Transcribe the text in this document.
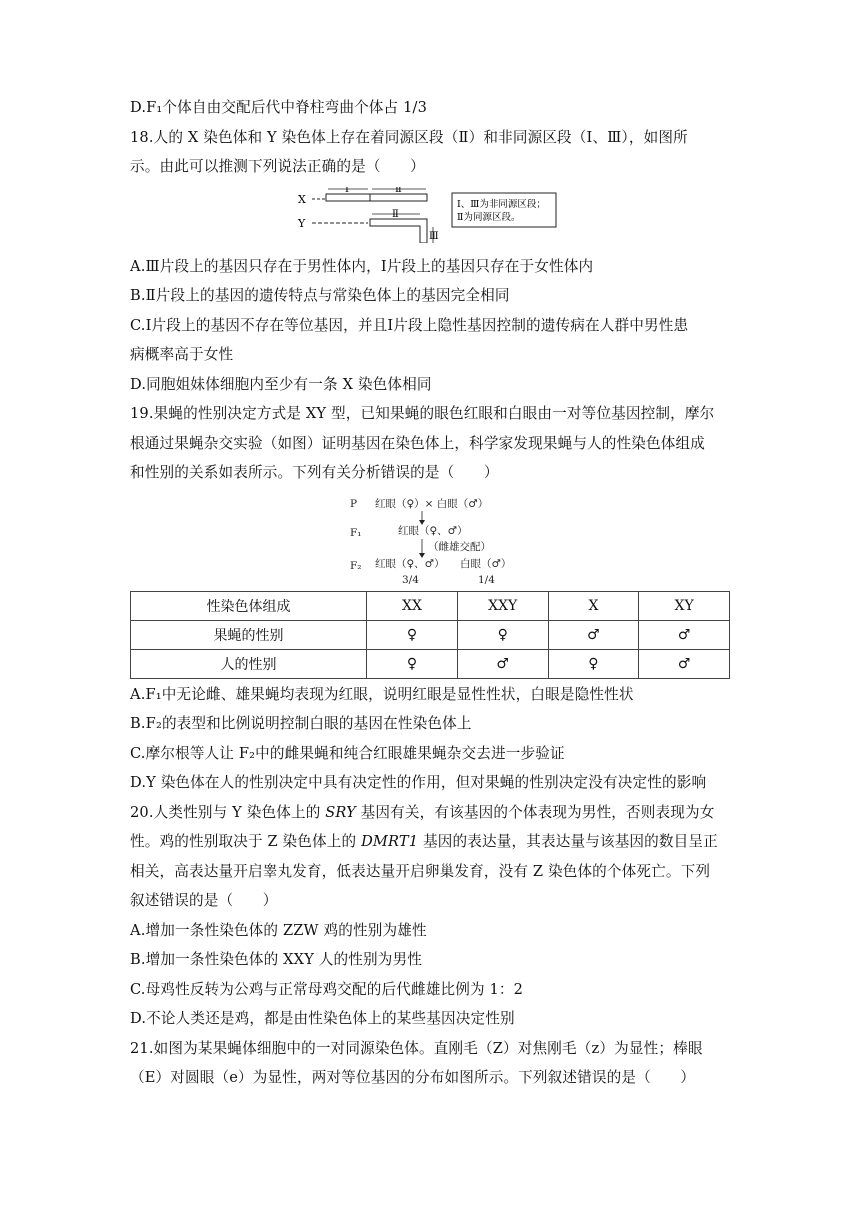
D.F₁个体自由交配后代中脊柱弯曲个体占 1/3
18.人的 X 染色体和 Y 染色体上存在着同源区段（Ⅱ）和非同源区段（Ⅰ、Ⅲ），如图所
示。由此可以推测下列说法正确的是（　　）
X
Y
Ⅰ	Ⅱ
Ⅱ
Ⅲ
Ⅰ、Ⅲ为非同源区段；
Ⅱ为同源区段。
A.Ⅲ片段上的基因只存在于男性体内，Ⅰ片段上的基因只存在于女性体内
B.Ⅱ片段上的基因的遗传特点与常染色体上的基因完全相同
C.Ⅰ片段上的基因不存在等位基因，并且Ⅰ片段上隐性基因控制的遗传病在人群中男性患
病概率高于女性
D.同胞姐妹体细胞内至少有一条 X 染色体相同
19.果蝇的性别决定方式是 XY 型，已知果蝇的眼色红眼和白眼由一对等位基因控制，摩尔
根通过果蝇杂交实验（如图）证明基因在染色体上，科学家发现果蝇与人的性染色体组成
和性别的关系如表所示。下列有关分析错误的是（　　）
P 红眼（♀）× 白眼（♂）
F₁	红眼（♀、♂）
（雌雄交配）
F₂ 红眼（♀、♂） 白眼（♂）
3/4	1/4
性染色体组成	XX	XXY	X	XY
果蝇的性别	♀	♀	♂	♂
人的性别	♀	♂	♀	♂
A.F₁中无论雌、雄果蝇均表现为红眼，说明红眼是显性性状，白眼是隐性性状
B.F₂的表型和比例说明控制白眼的基因在性染色体上
C.摩尔根等人让 F₂中的雌果蝇和纯合红眼雄果蝇杂交去进一步验证
D.Y 染色体在人的性别决定中具有决定性的作用，但对果蝇的性别决定没有决定性的影响
20.人类性别与 Y 染色体上的 SRY 基因有关，有该基因的个体表现为男性，否则表现为女
性。鸡的性别取决于 Z 染色体上的 DMRT1 基因的表达量，其表达量与该基因的数目呈正
相关，高表达量开启睾丸发育，低表达量开启卵巢发育，没有 Z 染色体的个体死亡。下列
叙述错误的是（　　）
A.增加一条性染色体的 ZZW 鸡的性别为雄性
B.增加一条性染色体的 XXY 人的性别为男性
C.母鸡性反转为公鸡与正常母鸡交配的后代雌雄比例为 1：2
D.不论人类还是鸡，都是由性染色体上的某些基因决定性别
21.如图为某果蝇体细胞中的一对同源染色体。直刚毛（Z）对焦刚毛（z）为显性；棒眼
（E）对圆眼（e）为显性，两对等位基因的分布如图所示。下列叙述错误的是（　　）
